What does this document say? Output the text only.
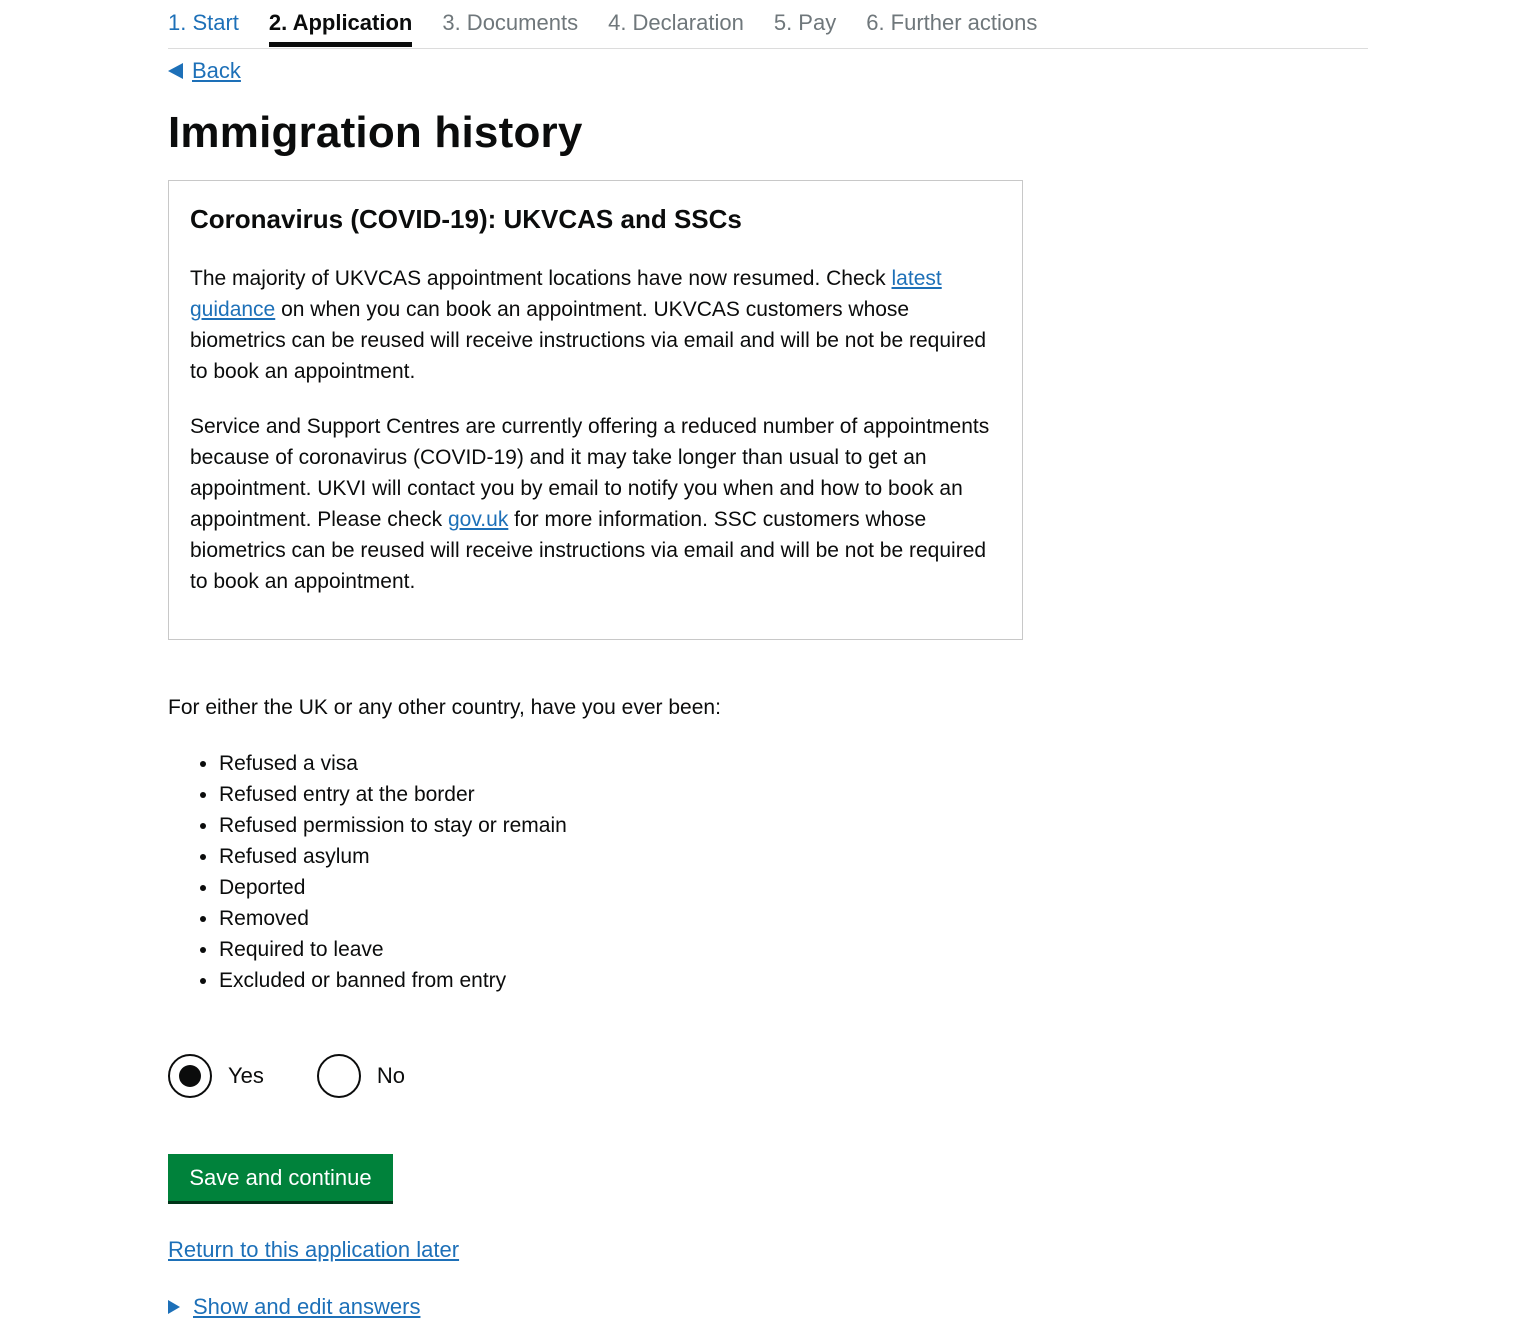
1. Start 2. Application 3. Documents 4. Declaration 5. Pay 6. Further actions
Back
Immigration history
Coronavirus (COVID-19): UKVCAS and SSCs

The majority of UKVCAS appointment locations have now resumed. Check latest guidance on when you can book an appointment. UKVCAS customers whose biometrics can be reused will receive instructions via email and will be not be required to book an appointment.

Service and Support Centres are currently offering a reduced number of appointments because of coronavirus (COVID-19) and it may take longer than usual to get an appointment. UKVI will contact you by email to notify you when and how to book an appointment. Please check gov.uk for more information. SSC customers whose biometrics can be reused will receive instructions via email and will be not be required to book an appointment.

For either the UK or any other country, have you ever been:

• Refused a visa
• Refused entry at the border
• Refused permission to stay or remain
• Refused asylum
• Deported
• Removed
• Required to leave
• Excluded or banned from entry
Yes	No
Save and continue
Return to this application later
Show and edit answers
